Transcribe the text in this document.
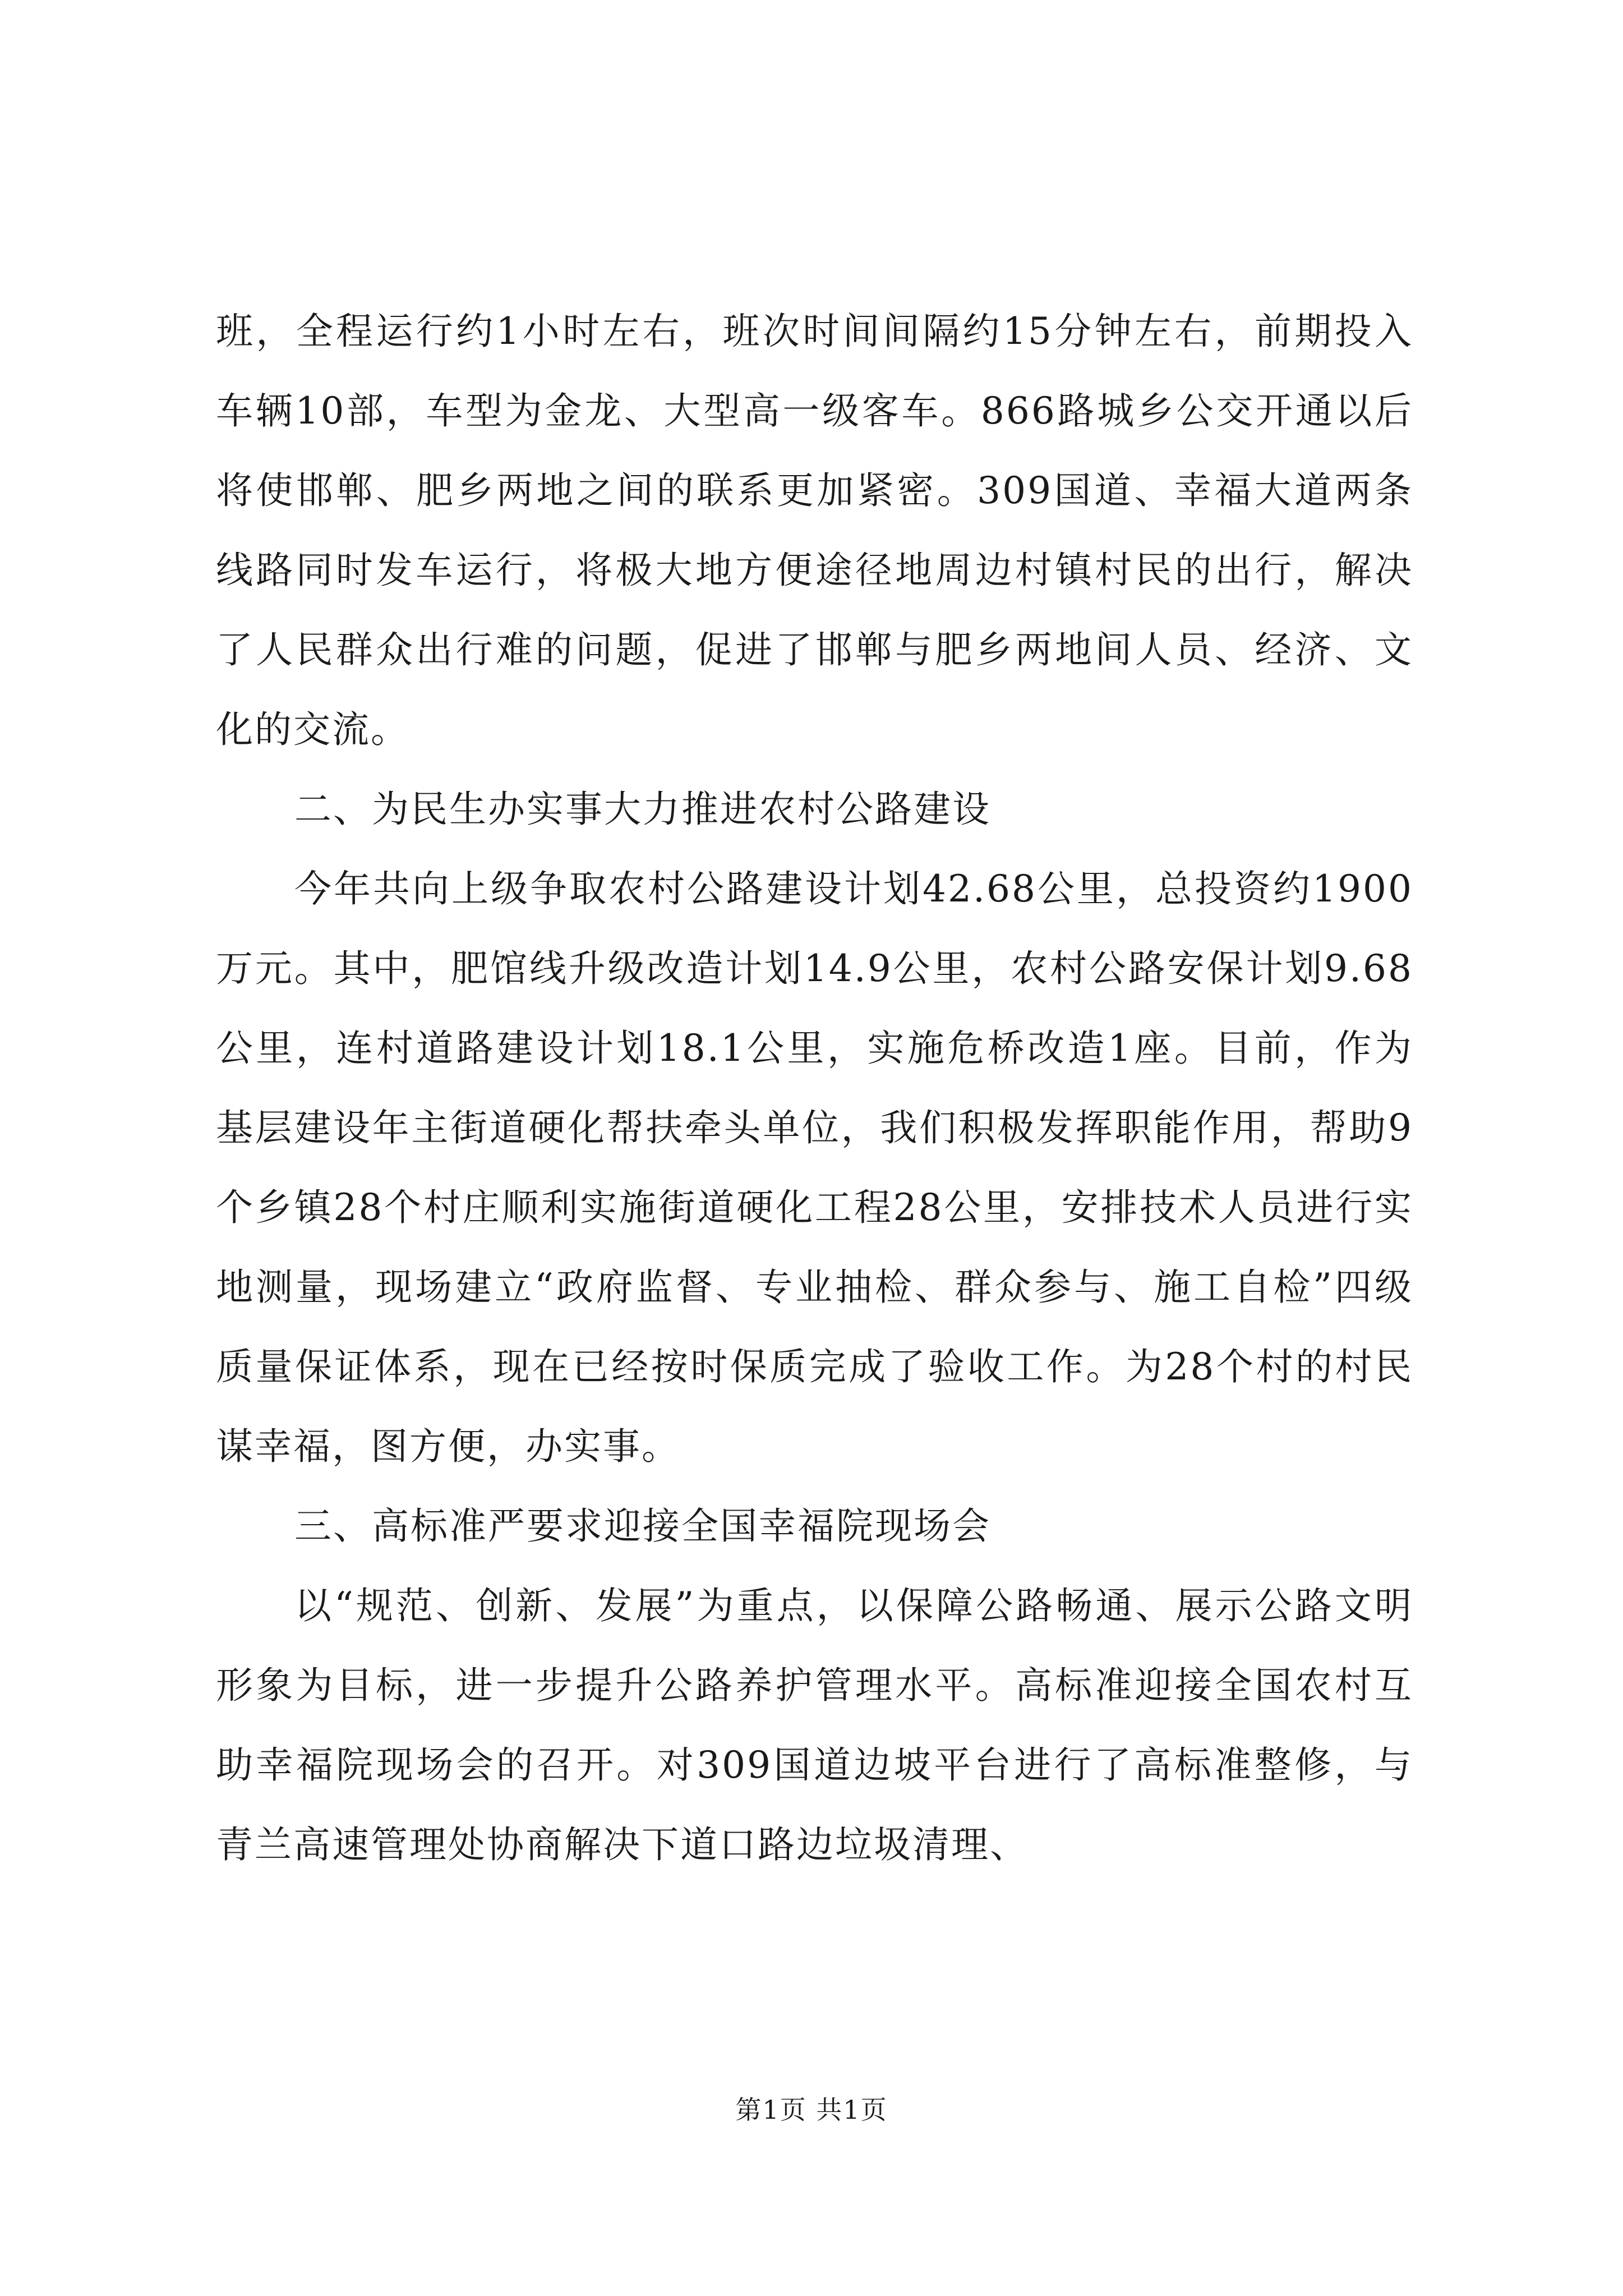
班，全程运行约1小时左右，班次时间间隔约15分钟左右，前期投入车辆10部，车型为金龙、大型高一级客车。866路城乡公交开通以后将使邯郸、肥乡两地之间的联系更加紧密。309国道、幸福大道两条线路同时发车运行，将极大地方便途径地周边村镇村民的出行，解决了人民群众出行难的问题，促进了邯郸与肥乡两地间人员、经济、文化的交流。

二、为民生办实事大力推进农村公路建设

今年共向上级争取农村公路建设计划42.68公里，总投资约1900万元。其中，肥馆线升级改造计划14.9公里，农村公路安保计划9.68公里，连村道路建设计划18.1公里，实施危桥改造1座。目前，作为基层建设年主街道硬化帮扶牵头单位，我们积极发挥职能作用，帮助9个乡镇28个村庄顺利实施街道硬化工程28公里，安排技术人员进行实地测量，现场建立“政府监督、专业抽检、群众参与、施工自检”四级质量保证体系，现在已经按时保质完成了验收工作。为28个村的村民谋幸福，图方便，办实事。

三、高标准严要求迎接全国幸福院现场会

以“规范、创新、发展”为重点，以保障公路畅通、展示公路文明形象为目标，进一步提升公路养护管理水平。高标准迎接全国农村互助幸福院现场会的召开。对309国道边坡平台进行了高标准整修，与青兰高速管理处协商解决下道口路边垃圾清理、

第1页 共1页
